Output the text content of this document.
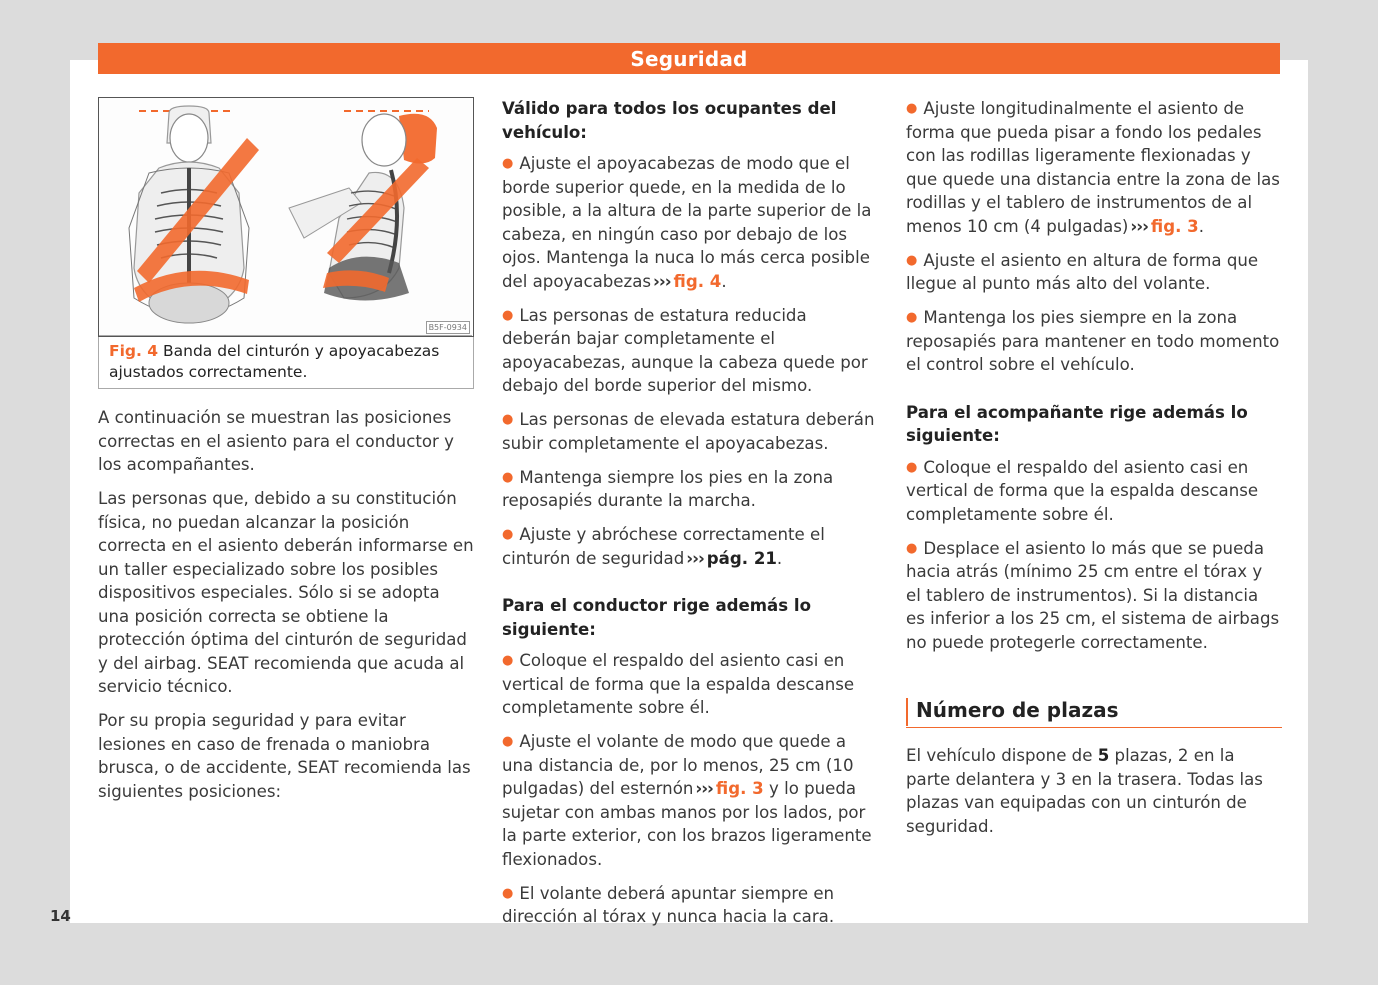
Seguridad
14
B5F-0934
Fig. 4 Banda del cinturón y apoyacabezas ajustados correctamente.

A continuación se muestran las posiciones correctas en el asiento para el conductor y los acompañantes.

Las personas que, debido a su constitución física, no puedan alcanzar la posición correcta en el asiento deberán informarse en un taller especializado sobre los posibles dispositivos especiales. Sólo si se adopta una posición correcta se obtiene la protección óptima del cinturón de seguridad y del airbag. SEAT recomienda que acuda al servicio técnico.

Por su propia seguridad y para evitar lesiones en caso de frenada o maniobra brusca, o de accidente, SEAT recomienda las siguientes posiciones:

Válido para todos los ocupantes del vehículo:

● Ajuste el apoyacabezas de modo que el borde superior quede, en la medida de lo posible, a la altura de la parte superior de la cabeza, en ningún caso por debajo de los ojos. Mantenga la nuca lo más cerca posible del apoyacabezas ››› fig. 4.

● Las personas de estatura reducida deberán bajar completamente el apoyacabezas, aunque la cabeza quede por debajo del borde superior del mismo.

● Las personas de elevada estatura deberán subir completamente el apoyacabezas.

● Mantenga siempre los pies en la zona reposapiés durante la marcha.

● Ajuste y abróchese correctamente el cinturón de seguridad ››› pág. 21.

Para el conductor rige además lo siguiente:

● Coloque el respaldo del asiento casi en vertical de forma que la espalda descanse completamente sobre él.

● Ajuste el volante de modo que quede a una distancia de, por lo menos, 25 cm (10 pulgadas) del esternón ››› fig. 3 y lo pueda sujetar con ambas manos por los lados, por la parte exterior, con los brazos ligeramente flexionados.

● El volante deberá apuntar siempre en dirección al tórax y nunca hacia la cara.

● Ajuste longitudinalmente el asiento de forma que pueda pisar a fondo los pedales con las rodillas ligeramente flexionadas y que quede una distancia entre la zona de las rodillas y el tablero de instrumentos de al menos 10 cm (4 pulgadas) ››› fig. 3.

● Ajuste el asiento en altura de forma que llegue al punto más alto del volante.

● Mantenga los pies siempre en la zona reposapiés para mantener en todo momento el control sobre el vehículo.

Para el acompañante rige además lo siguiente:

● Coloque el respaldo del asiento casi en vertical de forma que la espalda descanse completamente sobre él.

● Desplace el asiento lo más que se pueda hacia atrás (mínimo 25 cm entre el tórax y el tablero de instrumentos). Si la distancia es inferior a los 25 cm, el sistema de airbags no puede protegerle correctamente.

Número de plazas

El vehículo dispone de 5 plazas, 2 en la parte delantera y 3 en la trasera. Todas las plazas van equipadas con un cinturón de seguridad.
